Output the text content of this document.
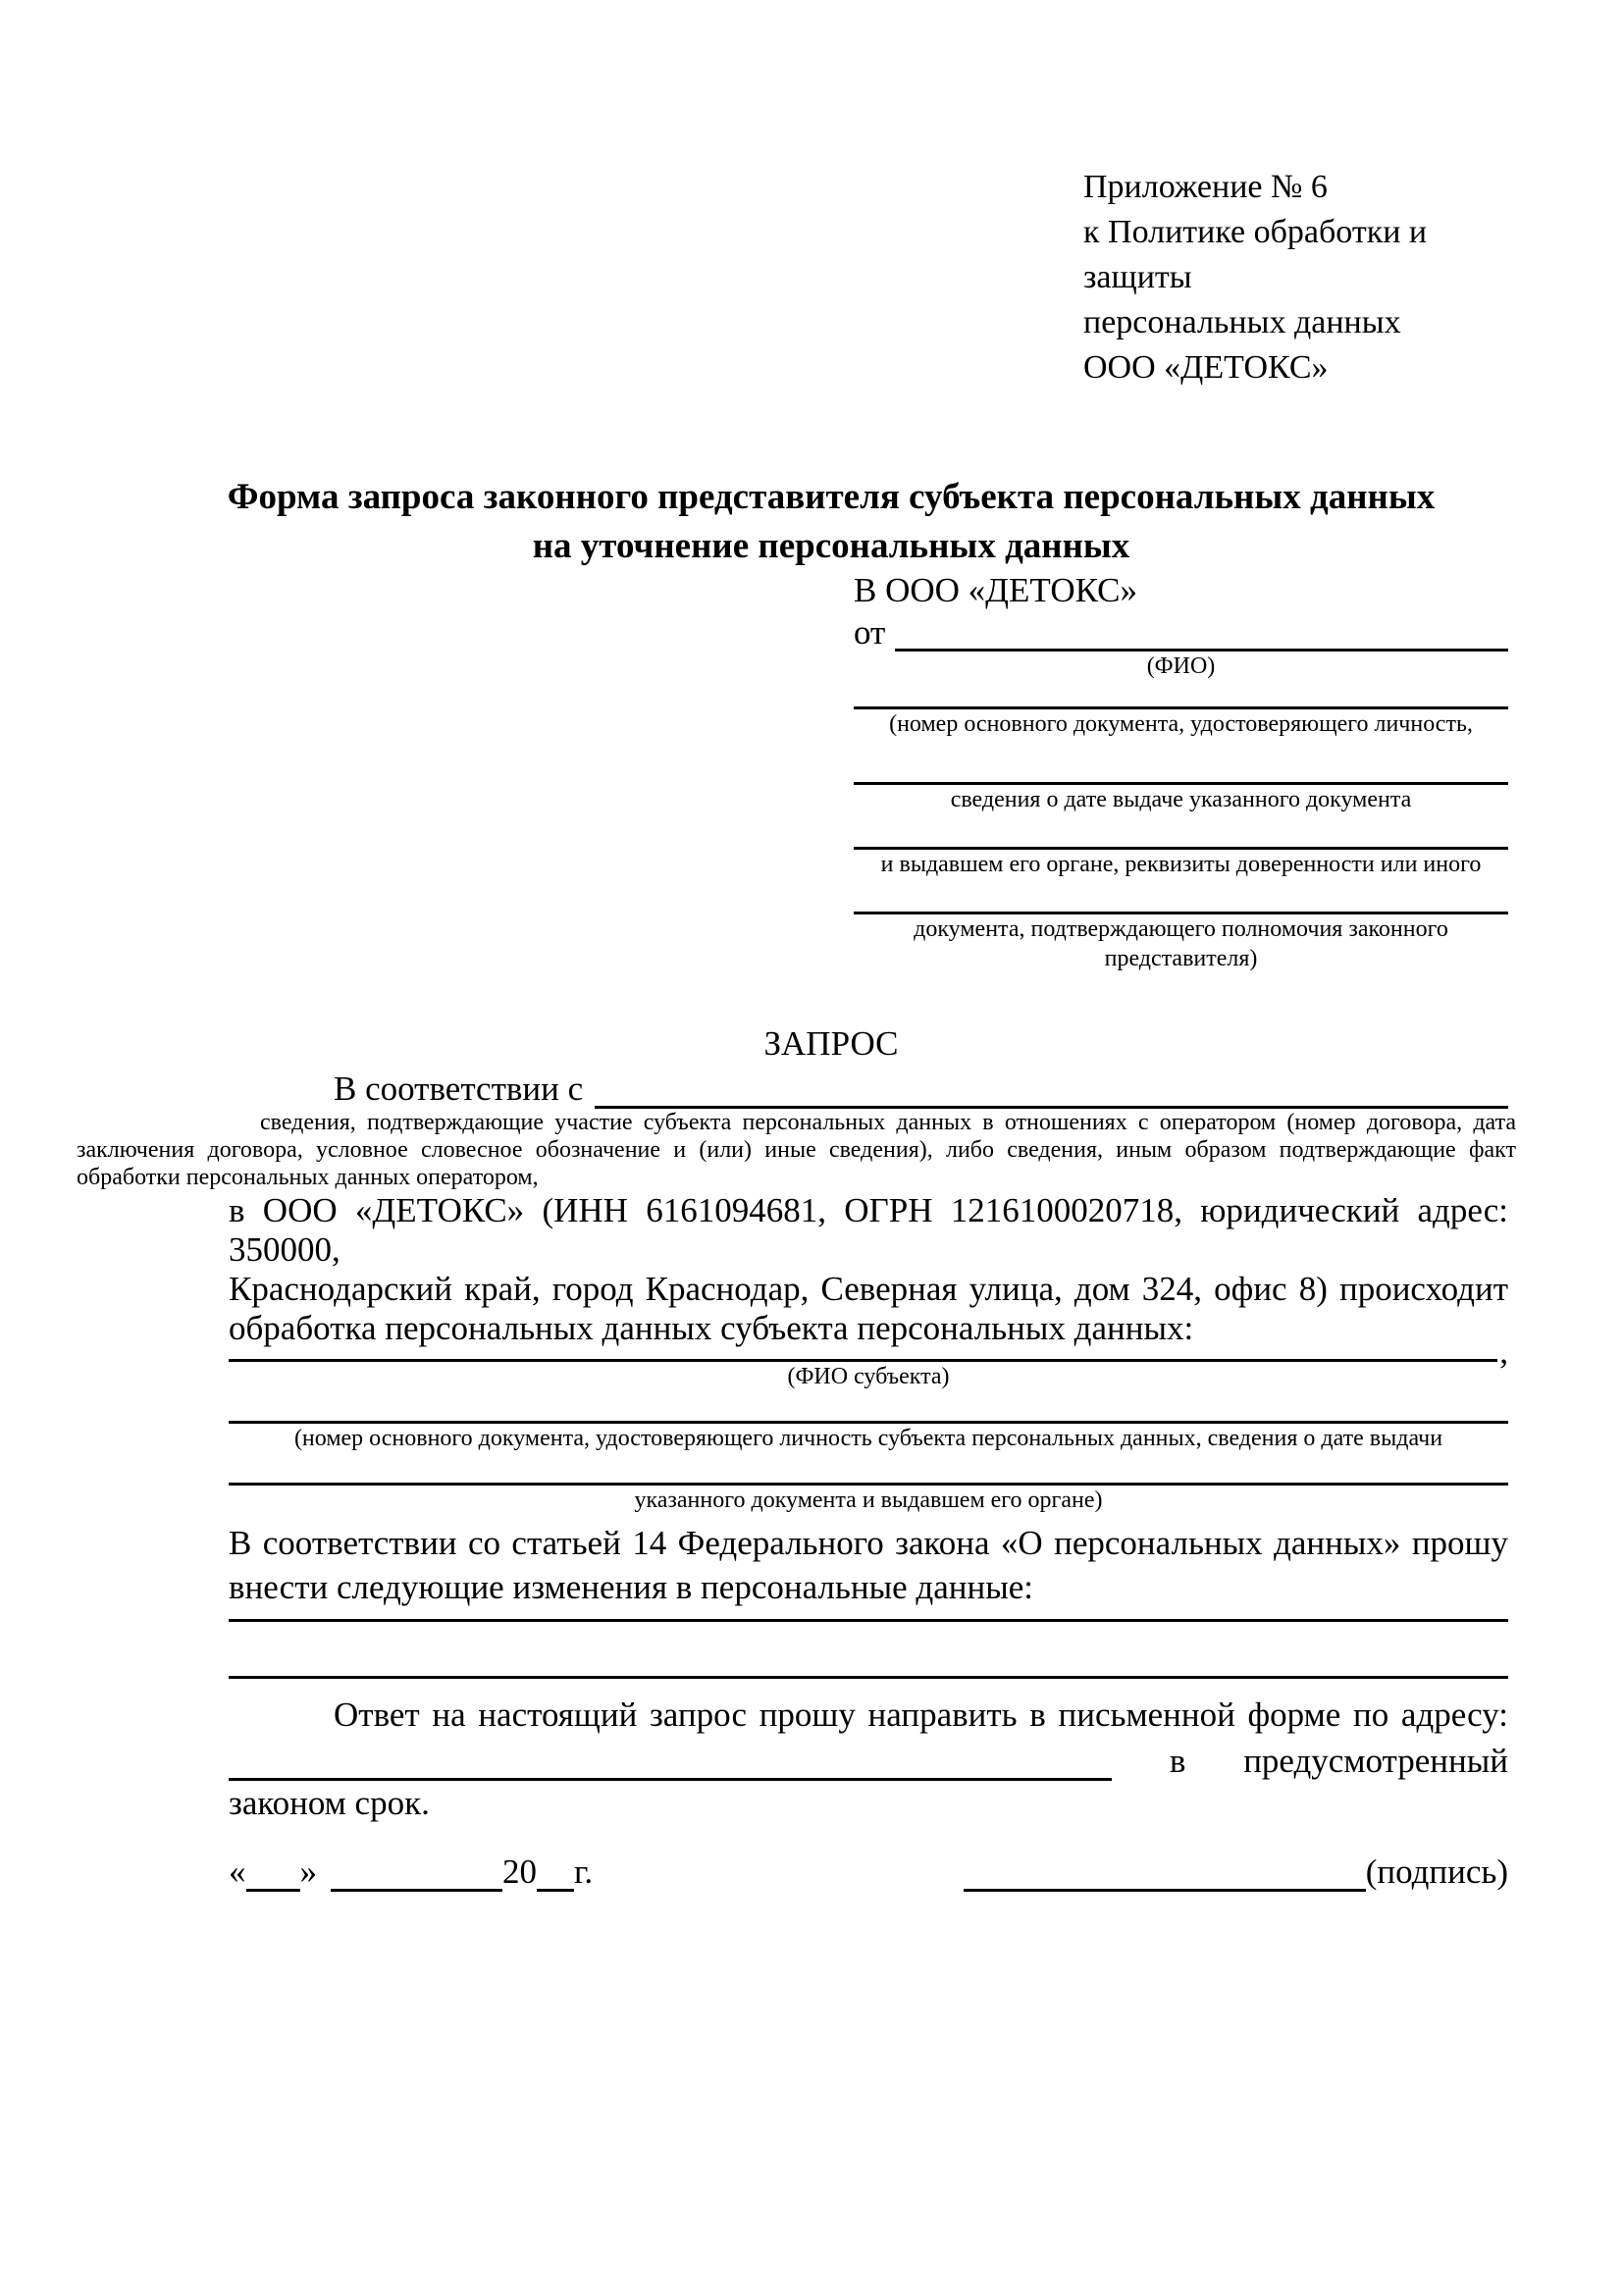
Приложение № 6
к Политике обработки и защиты
персональных данных
ООО «ДЕТОКС»
Форма запроса законного представителя субъекта персональных данных
на уточнение персональных данных
В ООО «ДЕТОКС»
от
(ФИО)
(номер основного документа, удостоверяющего личность,
сведения о дате выдаче указанного документа
и выдавшем его органе, реквизиты доверенности или иного
документа, подтверждающего полномочия законного представителя)
ЗАПРОС
В соответствии с
сведения, подтверждающие участие субъекта персональных данных в отношениях с оператором (номер договора, дата
заключения договора, условное словесное обозначение и (или) иные сведения), либо сведения, иным образом подтверждающие факт
обработки персональных данных оператором,
в ООО «ДЕТОКС» (ИНН 6161094681, ОГРН 1216100020718, юридический адрес: 350000,
Краснодарский край, город Краснодар, Северная улица, дом 324, офис 8) происходит
обработка персональных данных субъекта персональных данных:
,
(ФИО субъекта)
(номер основного документа, удостоверяющего личность субъекта персональных данных, сведения о дате выдачи
указанного документа и выдавшем его органе)
В соответствии со статьей 14 Федерального закона «О персональных данных» прошу
внести следующие изменения в персональные данные:
Ответ на настоящий запрос прошу направить в письменной форме по адресу:
в предусмотренный
законом срок.
« »	20 г.	(подпись)
